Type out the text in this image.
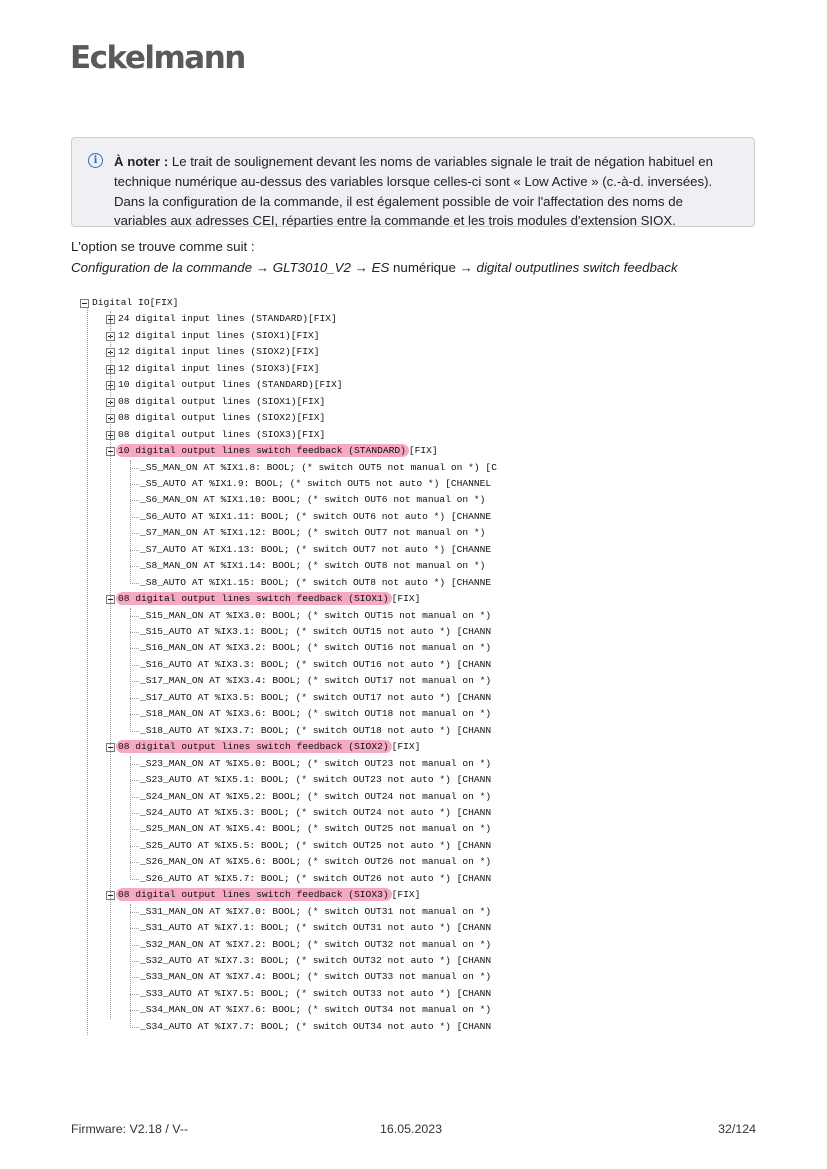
Eckelmann
i	À noter : Le trait de soulignement devant les noms de variables signale le trait de négation habituel en technique numérique au-dessus des variables lorsque celles-ci sont « Low Active » (c.-à-d. inversées). Dans la configuration de la commande, il est également possible de voir l'affectation des noms de variables aux adresses CEI, réparties entre la commande et les trois modules d'extension SIOX.
L'option se trouve comme suit :
Configuration de la commande → GLT3010_V2 → ES numérique → digital outputlines switch feedback
Digital IO[FIX]
24 digital input lines (STANDARD)[FIX]
12 digital input lines (SIOX1)[FIX]
12 digital input lines (SIOX2)[FIX]
12 digital input lines (SIOX3)[FIX]
10 digital output lines (STANDARD)[FIX]
08 digital output lines (SIOX1)[FIX]
08 digital output lines (SIOX2)[FIX]
08 digital output lines (SIOX3)[FIX]
10 digital output lines switch feedback (STANDARD) [FIX]
_S5_MAN_ON AT %IX1.8: BOOL; (* switch OUT5 not manual on *) [C
_S5_AUTO AT %IX1.9: BOOL; (* switch OUT5 not auto *) [CHANNEL
_S6_MAN_ON AT %IX1.10: BOOL; (* switch OUT6 not manual on *)
_S6_AUTO AT %IX1.11: BOOL; (* switch OUT6 not auto *) [CHANNE
_S7_MAN_ON AT %IX1.12: BOOL; (* switch OUT7 not manual on *)
_S7_AUTO AT %IX1.13: BOOL; (* switch OUT7 not auto *) [CHANNE
_S8_MAN_ON AT %IX1.14: BOOL; (* switch OUT8 not manual on *)
_S8_AUTO AT %IX1.15: BOOL; (* switch OUT8 not auto *) [CHANNE
08 digital output lines switch feedback (SIOX1) [FIX]
_S15_MAN_ON AT %IX3.0: BOOL; (* switch OUT15 not manual on *)
_S15_AUTO AT %IX3.1: BOOL; (* switch OUT15 not auto *) [CHANN
_S16_MAN_ON AT %IX3.2: BOOL; (* switch OUT16 not manual on *)
_S16_AUTO AT %IX3.3: BOOL; (* switch OUT16 not auto *) [CHANN
_S17_MAN_ON AT %IX3.4: BOOL; (* switch OUT17 not manual on *)
_S17_AUTO AT %IX3.5: BOOL; (* switch OUT17 not auto *) [CHANN
_S18_MAN_ON AT %IX3.6: BOOL; (* switch OUT18 not manual on *)
_S18_AUTO AT %IX3.7: BOOL; (* switch OUT18 not auto *) [CHANN
08 digital output lines switch feedback (SIOX2) [FIX]
_S23_MAN_ON AT %IX5.0: BOOL; (* switch OUT23 not manual on *)
_S23_AUTO AT %IX5.1: BOOL; (* switch OUT23 not auto *) [CHANN
_S24_MAN_ON AT %IX5.2: BOOL; (* switch OUT24 not manual on *)
_S24_AUTO AT %IX5.3: BOOL; (* switch OUT24 not auto *) [CHANN
_S25_MAN_ON AT %IX5.4: BOOL; (* switch OUT25 not manual on *)
_S25_AUTO AT %IX5.5: BOOL; (* switch OUT25 not auto *) [CHANN
_S26_MAN_ON AT %IX5.6: BOOL; (* switch OUT26 not manual on *)
_S26_AUTO AT %IX5.7: BOOL; (* switch OUT26 not auto *) [CHANN
08 digital output lines switch feedback (SIOX3) [FIX]
_S31_MAN_ON AT %IX7.0: BOOL; (* switch OUT31 not manual on *)
_S31_AUTO AT %IX7.1: BOOL; (* switch OUT31 not auto *) [CHANN
_S32_MAN_ON AT %IX7.2: BOOL; (* switch OUT32 not manual on *)
_S32_AUTO AT %IX7.3: BOOL; (* switch OUT32 not auto *) [CHANN
_S33_MAN_ON AT %IX7.4: BOOL; (* switch OUT33 not manual on *)
_S33_AUTO AT %IX7.5: BOOL; (* switch OUT33 not auto *) [CHANN
_S34_MAN_ON AT %IX7.6: BOOL; (* switch OUT34 not manual on *)
_S34_AUTO AT %IX7.7: BOOL; (* switch OUT34 not auto *) [CHANN
Firmware: V2.18 / V--	16.05.2023	32/124
